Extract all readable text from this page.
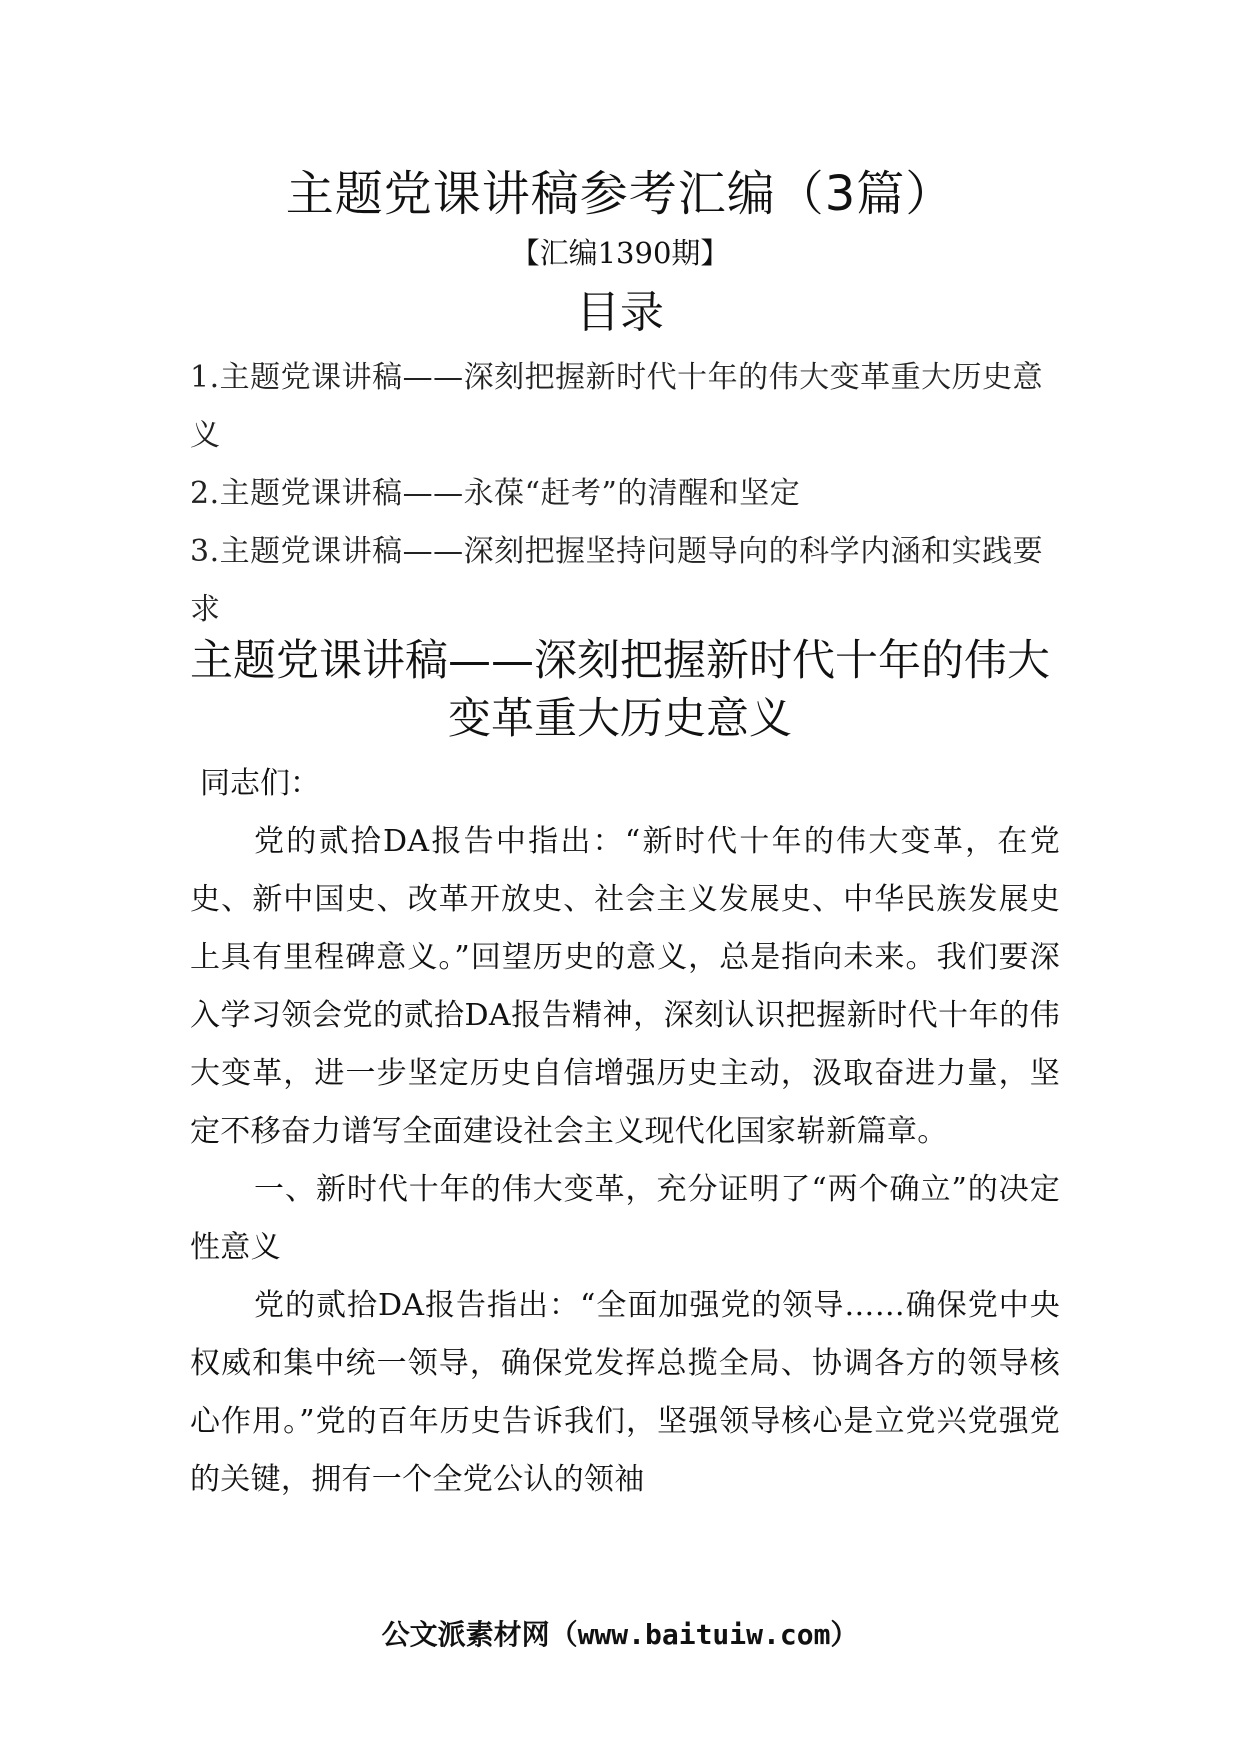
主题党课讲稿参考汇编（3篇）
【汇编1390期】
目录
1.主题党课讲稿——深刻把握新时代十年的伟大变革重大历史意义
2.主题党课讲稿——永葆“赶考”的清醒和坚定
3.主题党课讲稿——深刻把握坚持问题导向的科学内涵和实践要求
主题党课讲稿——深刻把握新时代十年的伟大变革重大历史意义

同志们：

党的贰拾DA报告中指出：“新时代十年的伟大变革，在党史、新中国史、改革开放史、社会主义发展史、中华民族发展史上具有里程碑意义。”回望历史的意义，总是指向未来。我们要深入学习领会党的贰拾DA报告精神，深刻认识把握新时代十年的伟大变革，进一步坚定历史自信增强历史主动，汲取奋进力量，坚定不移奋力谱写全面建设社会主义现代化国家崭新篇章。

一、新时代十年的伟大变革，充分证明了“两个确立”的决定性意义

党的贰拾DA报告指出：“全面加强党的领导……确保党中央权威和集中统一领导，确保党发挥总揽全局、协调各方的领导核心作用。”党的百年历史告诉我们，坚强领导核心是立党兴党强党的关键，拥有一个全党公认的领袖

公文派素材网（www.baituiw.com）
